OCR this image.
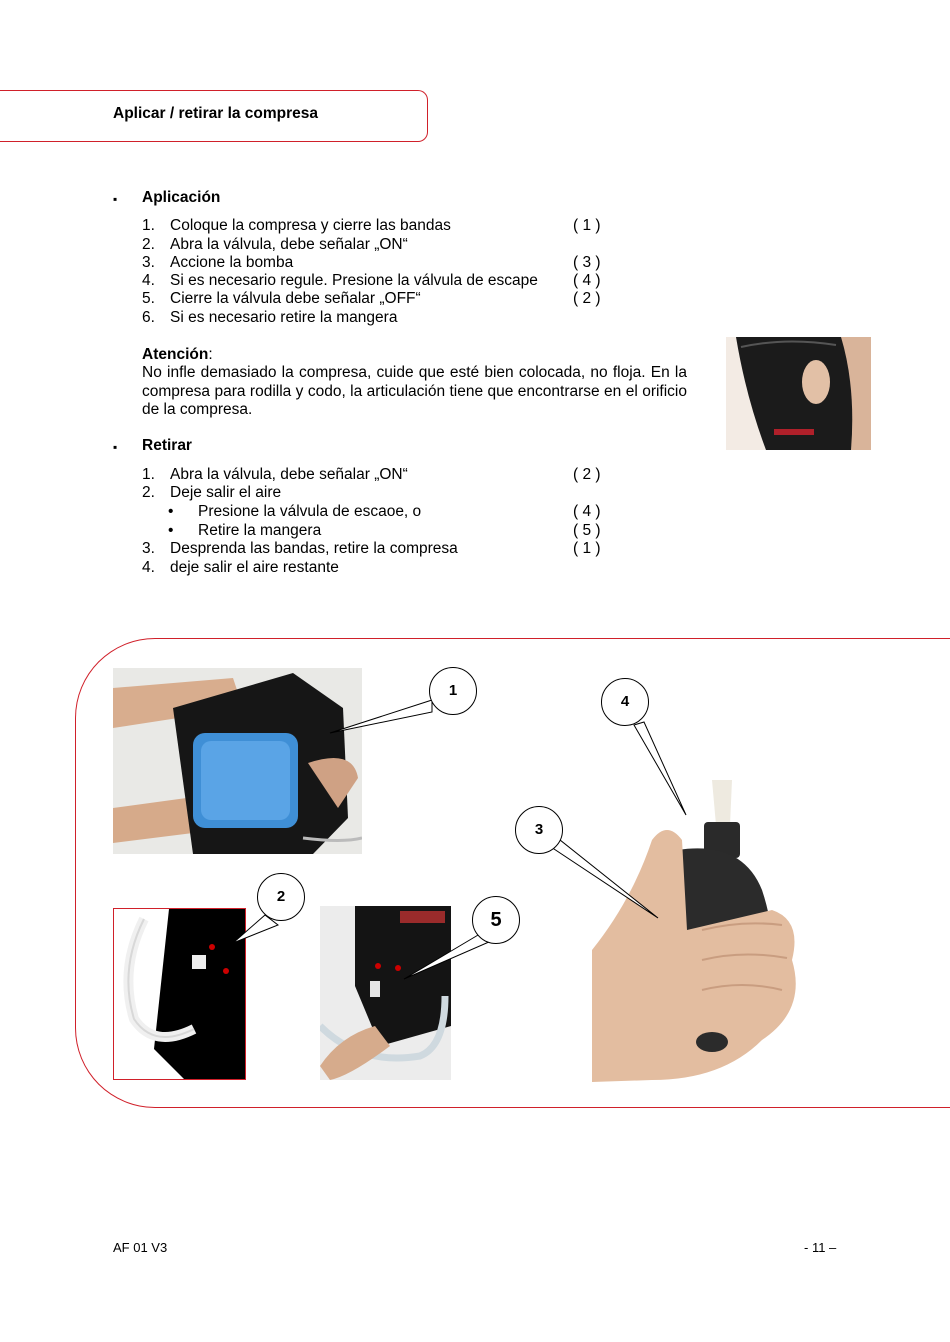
Aplicar / retirar la compresa
▪ Aplicación
1. Coloque la compresa y cierre las bandas	( 1 )
2. Abra la válvula, debe señalar „ON“
3. Accione la bomba	( 3 )
4. Si es necesario regule. Presione la válvula de escape ( 4 )
5. Cierre la válvula debe señalar „OFF“	( 2 )
6. Si es necesario retire la mangera
Atención:
No infle demasiado la compresa, cuide que esté bien colocada, no floja. En la compresa para rodilla y codo, la articulación tiene que encontrarse en el orificio de la compresa.
▪ Retirar
1. Abra la válvula, debe señalar „ON“	( 2 )
2. Deje salir el aire
• Presione la válvula de escaoe, o	( 4 )
• Retire la mangera	( 5 )
3. Desprenda las bandas, retire la compresa	( 1 )
4. deje salir el aire restante
1
2
3
4
5
AF 01 V3	- 11 –
